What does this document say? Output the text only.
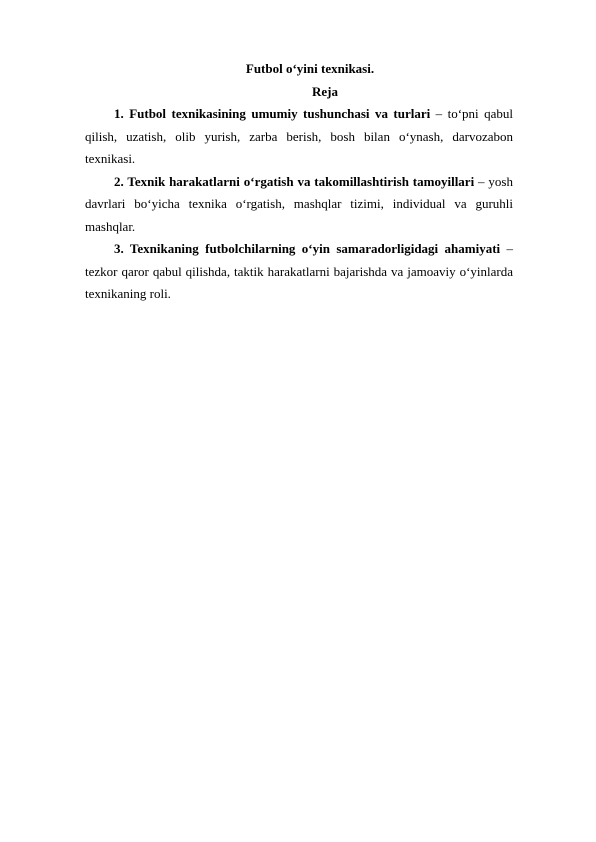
Futbol o‘yini texnikasi.

Reja

1. Futbol texnikasining umumiy tushunchasi va turlari – to‘pni qabul qilish, uzatish, olib yurish, zarba berish, bosh bilan o‘ynash, darvozabon texnikasi.

2. Texnik harakatlarni o‘rgatish va takomillashtirish tamoyillari – yosh davrlari bo‘yicha texnika o‘rgatish, mashqlar tizimi, individual va guruhli mashqlar.

3. Texnikaning futbolchilarning o‘yin samaradorligidagi ahamiyati – tezkor qaror qabul qilishda, taktik harakatlarni bajarishda va jamoaviy o‘yinlarda texnikaning roli.
